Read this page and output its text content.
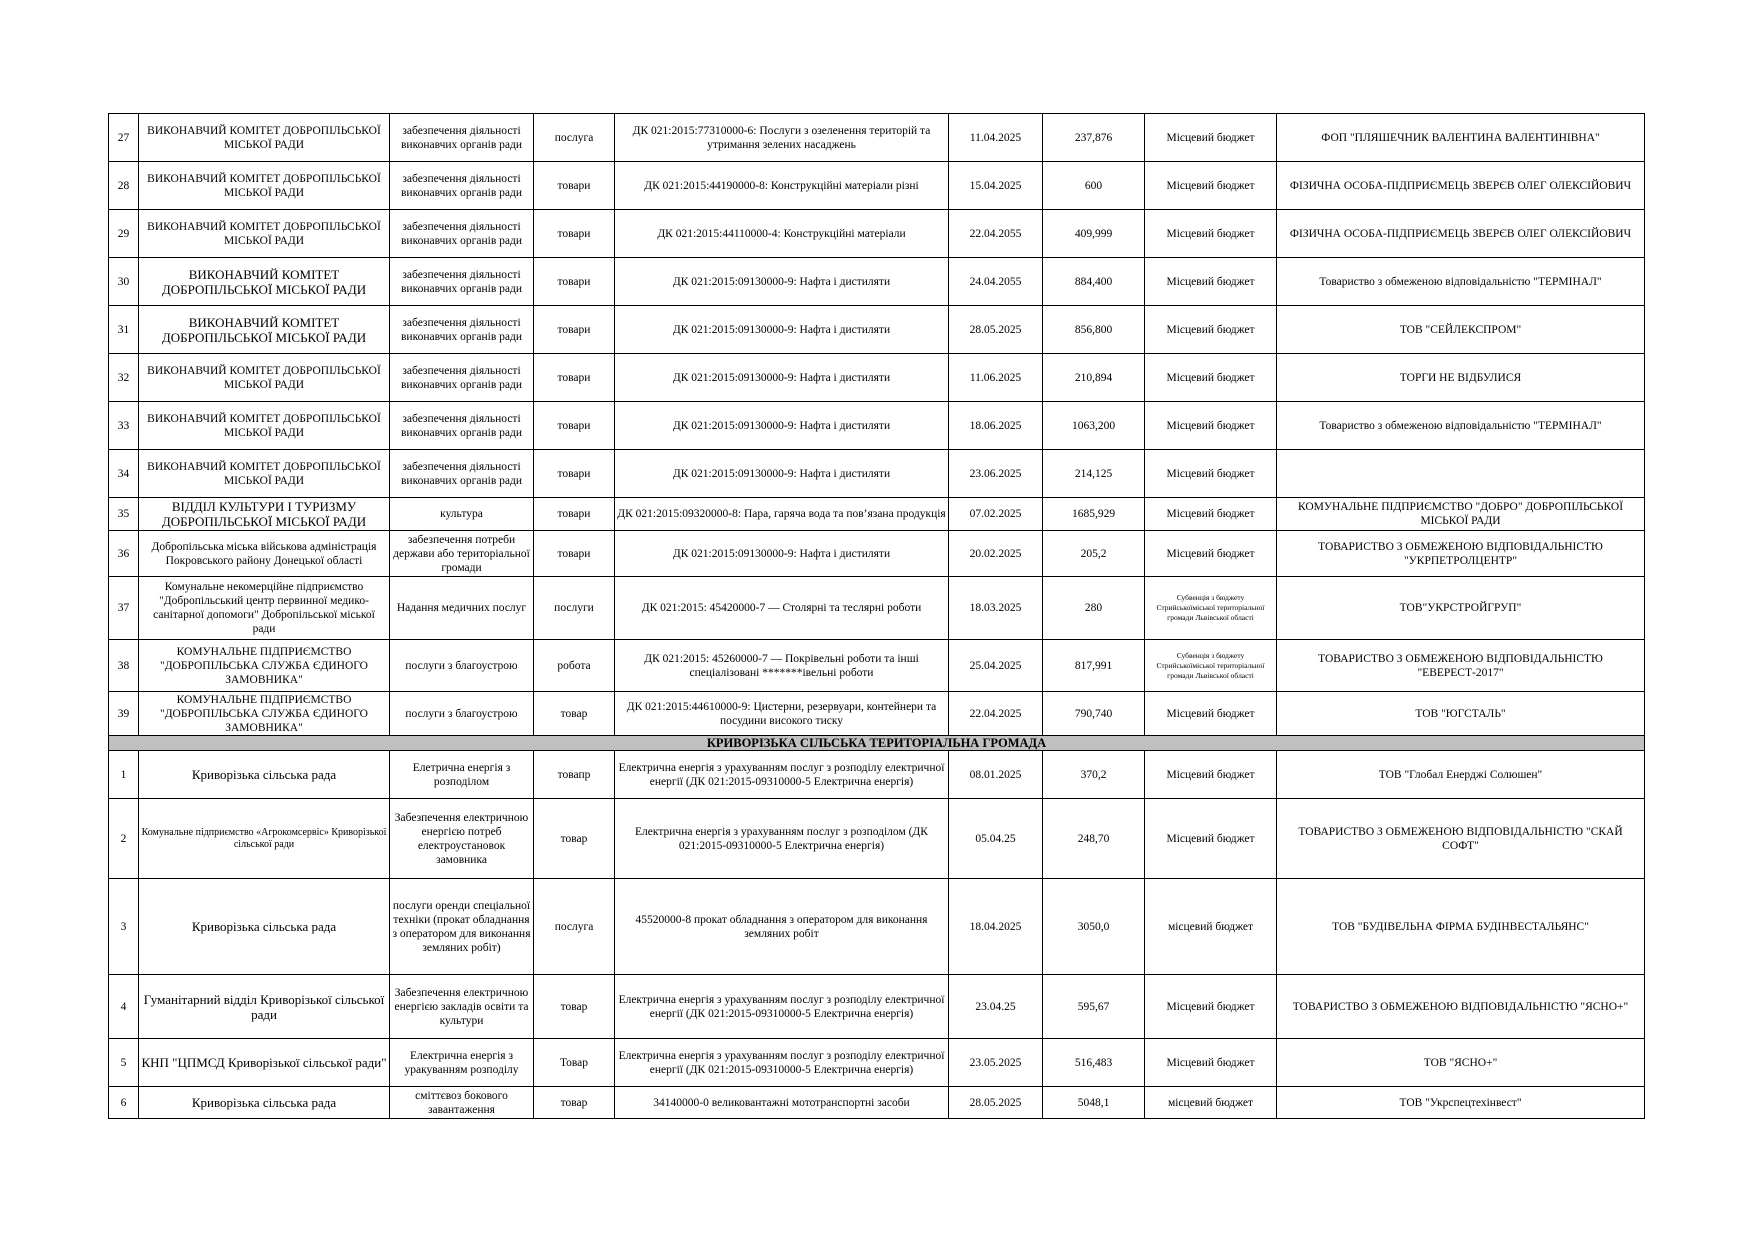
27	ВИКОНАВЧИЙ КОМІТЕТ ДОБРОПІЛЬСЬКОЇ МІСЬКОЇ РАДИ	забезпечення діяльності виконавчих органів ради	послуга	ДК 021:2015:77310000-6: Послуги з озеленення територій та утримання зелених насаджень	11.04.2025	237,876	Місцевий бюджет	ФОП "ПЛЯШЕЧНИК ВАЛЕНТИНА ВАЛЕНТИНІВНА"
28	ВИКОНАВЧИЙ КОМІТЕТ ДОБРОПІЛЬСЬКОЇ МІСЬКОЇ РАДИ	забезпечення діяльності виконавчих органів ради	товари	ДК 021:2015:44190000-8: Конструкційні матеріали різні	15.04.2025	600	Місцевий бюджет	ФІЗИЧНА ОСОБА-ПІДПРИЄМЕЦЬ ЗВЕРЄВ ОЛЕГ ОЛЕКСІЙОВИЧ
29	ВИКОНАВЧИЙ КОМІТЕТ ДОБРОПІЛЬСЬКОЇ МІСЬКОЇ РАДИ	забезпечення діяльності виконавчих органів ради	товари	ДК 021:2015:44110000-4: Конструкційні матеріали	22.04.2055	409,999	Місцевий бюджет	ФІЗИЧНА ОСОБА-ПІДПРИЄМЕЦЬ ЗВЕРЄВ ОЛЕГ ОЛЕКСІЙОВИЧ
30	ВИКОНАВЧИЙ КОМІТЕТ ДОБРОПІЛЬСЬКОЇ МІСЬКОЇ РАДИ	забезпечення діяльності виконавчих органів ради	товари	ДК 021:2015:09130000-9: Нафта і дистиляти	24.04.2055	884,400	Місцевий бюджет	Товариство з обмеженою відповідальністю "ТЕРМІНАЛ"
31	ВИКОНАВЧИЙ КОМІТЕТ ДОБРОПІЛЬСЬКОЇ МІСЬКОЇ РАДИ	забезпечення діяльності виконавчих органів ради	товари	ДК 021:2015:09130000-9: Нафта і дистиляти	28.05.2025	856,800	Місцевий бюджет	ТОВ "СЕЙЛЕКСПРОМ"
32	ВИКОНАВЧИЙ КОМІТЕТ ДОБРОПІЛЬСЬКОЇ МІСЬКОЇ РАДИ	забезпечення діяльності виконавчих органів ради	товари	ДК 021:2015:09130000-9: Нафта і дистиляти	11.06.2025	210,894	Місцевий бюджет	ТОРГИ НЕ ВІДБУЛИСЯ
33	ВИКОНАВЧИЙ КОМІТЕТ ДОБРОПІЛЬСЬКОЇ МІСЬКОЇ РАДИ	забезпечення діяльності виконавчих органів ради	товари	ДК 021:2015:09130000-9: Нафта і дистиляти	18.06.2025	1063,200	Місцевий бюджет	Товариство з обмеженою відповідальністю "ТЕРМІНАЛ"
34	ВИКОНАВЧИЙ КОМІТЕТ ДОБРОПІЛЬСЬКОЇ МІСЬКОЇ РАДИ	забезпечення діяльності виконавчих органів ради	товари	ДК 021:2015:09130000-9: Нафта і дистиляти	23.06.2025	214,125	Місцевий бюджет	
35	ВІДДІЛ КУЛЬТУРИ І ТУРИЗМУ ДОБРОПІЛЬСЬКОЇ МІСЬКОЇ РАДИ	культура	товари	ДК 021:2015:09320000-8: Пара, гаряча вода та пов’язана продукція	07.02.2025	1685,929	Місцевий бюджет	КОМУНАЛЬНЕ ПІДПРИЄМСТВО "ДОБРО" ДОБРОПІЛЬСЬКОЇ МІСЬКОЇ РАДИ
36	Добропільська міська військова адміністрація Покровського району Донецької області	забезпечення потреби держави або територіальної громади	товари	ДК 021:2015:09130000-9: Нафта і дистиляти	20.02.2025	205,2	Місцевий бюджет	ТОВАРИСТВО З ОБМЕЖЕНОЮ ВІДПОВІДАЛЬНІСТЮ "УКРПЕТРОЛЦЕНТР"
37	Комунальне некомерційне підприємство "Добропільський центр первинної медико-санітарної допомоги" Добропільської міської ради	Надання медичних послуг	послуги	ДК 021:2015: 45420000-7 — Столярні та теслярні роботи	18.03.2025	280	Субвенція з бюджету Стрийськоїміської територіальної громади Львівської області	ТОВ"УКРСТРОЙГРУП"
38	КОМУНАЛЬНЕ ПІДПРИЄМСТВО "ДОБРОПІЛЬСЬКА СЛУЖБА ЄДИНОГО ЗАМОВНИКА"	послуги з благоустрою	робота	ДК 021:2015: 45260000-7 — Покрівельні роботи та інші спеціалізовані *******івельні роботи	25.04.2025	817,991	Субвенція з бюджету Стрийськоїміської територіальної громади Львівської області	ТОВАРИСТВО З ОБМЕЖЕНОЮ ВІДПОВІДАЛЬНІСТЮ "ЕВЕРЕСТ-2017"
39	КОМУНАЛЬНЕ ПІДПРИЄМСТВО "ДОБРОПІЛЬСЬКА СЛУЖБА ЄДИНОГО ЗАМОВНИКА"	послуги з благоустрою	товар	ДК 021:2015:44610000-9: Цистерни, резервуари, контейнери та посудини високого тиску	22.04.2025	790,740	Місцевий бюджет	ТОВ "ЮГСТАЛЬ"
КРИВОРІЗЬКА СІЛЬСЬКА ТЕРИТОРІАЛЬНА ГРОМАДА								
1	Криворізька сільська рада	Елетрична енергія з розподілом	товапр	Електрична енергія з урахуванням послуг з розподілу електричної енергії (ДК 021:2015-09310000-5 Електрична енергія)	08.01.2025	370,2	Місцевий бюджет	ТОВ "Глобал Енерджі Солюшен"
2	Комунальне підприємство «Агрокомсервіс» Криворізької сільської ради	Забезпечення електричною енергією потреб електроустановок замовника	товар	Електрична енергія з урахуванням послуг з розподілом (ДК 021:2015-09310000-5 Електрична енергія)	05.04.25	248,70	Місцевий бюджет	ТОВАРИСТВО З ОБМЕЖЕНОЮ ВІДПОВІДАЛЬНІСТЮ "СКАЙ СОФТ"
3	Криворізька сільська рада	послуги оренди спеціальної техніки (прокат обладнання з оператором для виконання земляних робіт)	послуга	45520000-8 прокат обладнання з оператором для виконання земляних робіт	18.04.2025	3050,0	місцевий бюджет	ТОВ "БУДІВЕЛЬНА ФІРМА БУДІНВЕСТАЛЬЯНС"
4	Гуманітарний відділ Криворізької сільської ради	Забезпечення електричною енергією закладів освіти та культури	товар	Електрична енергія з урахуванням послуг з розподілу електричної енергії (ДК 021:2015-09310000-5 Електрична енергія)	23.04.25	595,67	Місцевий бюджет	ТОВАРИСТВО З ОБМЕЖЕНОЮ ВІДПОВІДАЛЬНІСТЮ "ЯСНО+"
5	КНП "ЦПМСД Криворізької сільської ради"	Електрична енергія з уракуванням розподілу	Товар	Електрична енергія з урахуванням послуг з розподілу електричної енергії (ДК 021:2015-09310000-5 Електрична енергія)	23.05.2025	516,483	Місцевий бюджет	ТОВ "ЯСНО+"
6	Криворізька сільська рада	сміттєвоз бокового завантаження	товар	34140000-0 великовантажні мототранспортні засоби	28.05.2025	5048,1	місцевий бюджет	ТОВ "Укрспецтехінвест"
